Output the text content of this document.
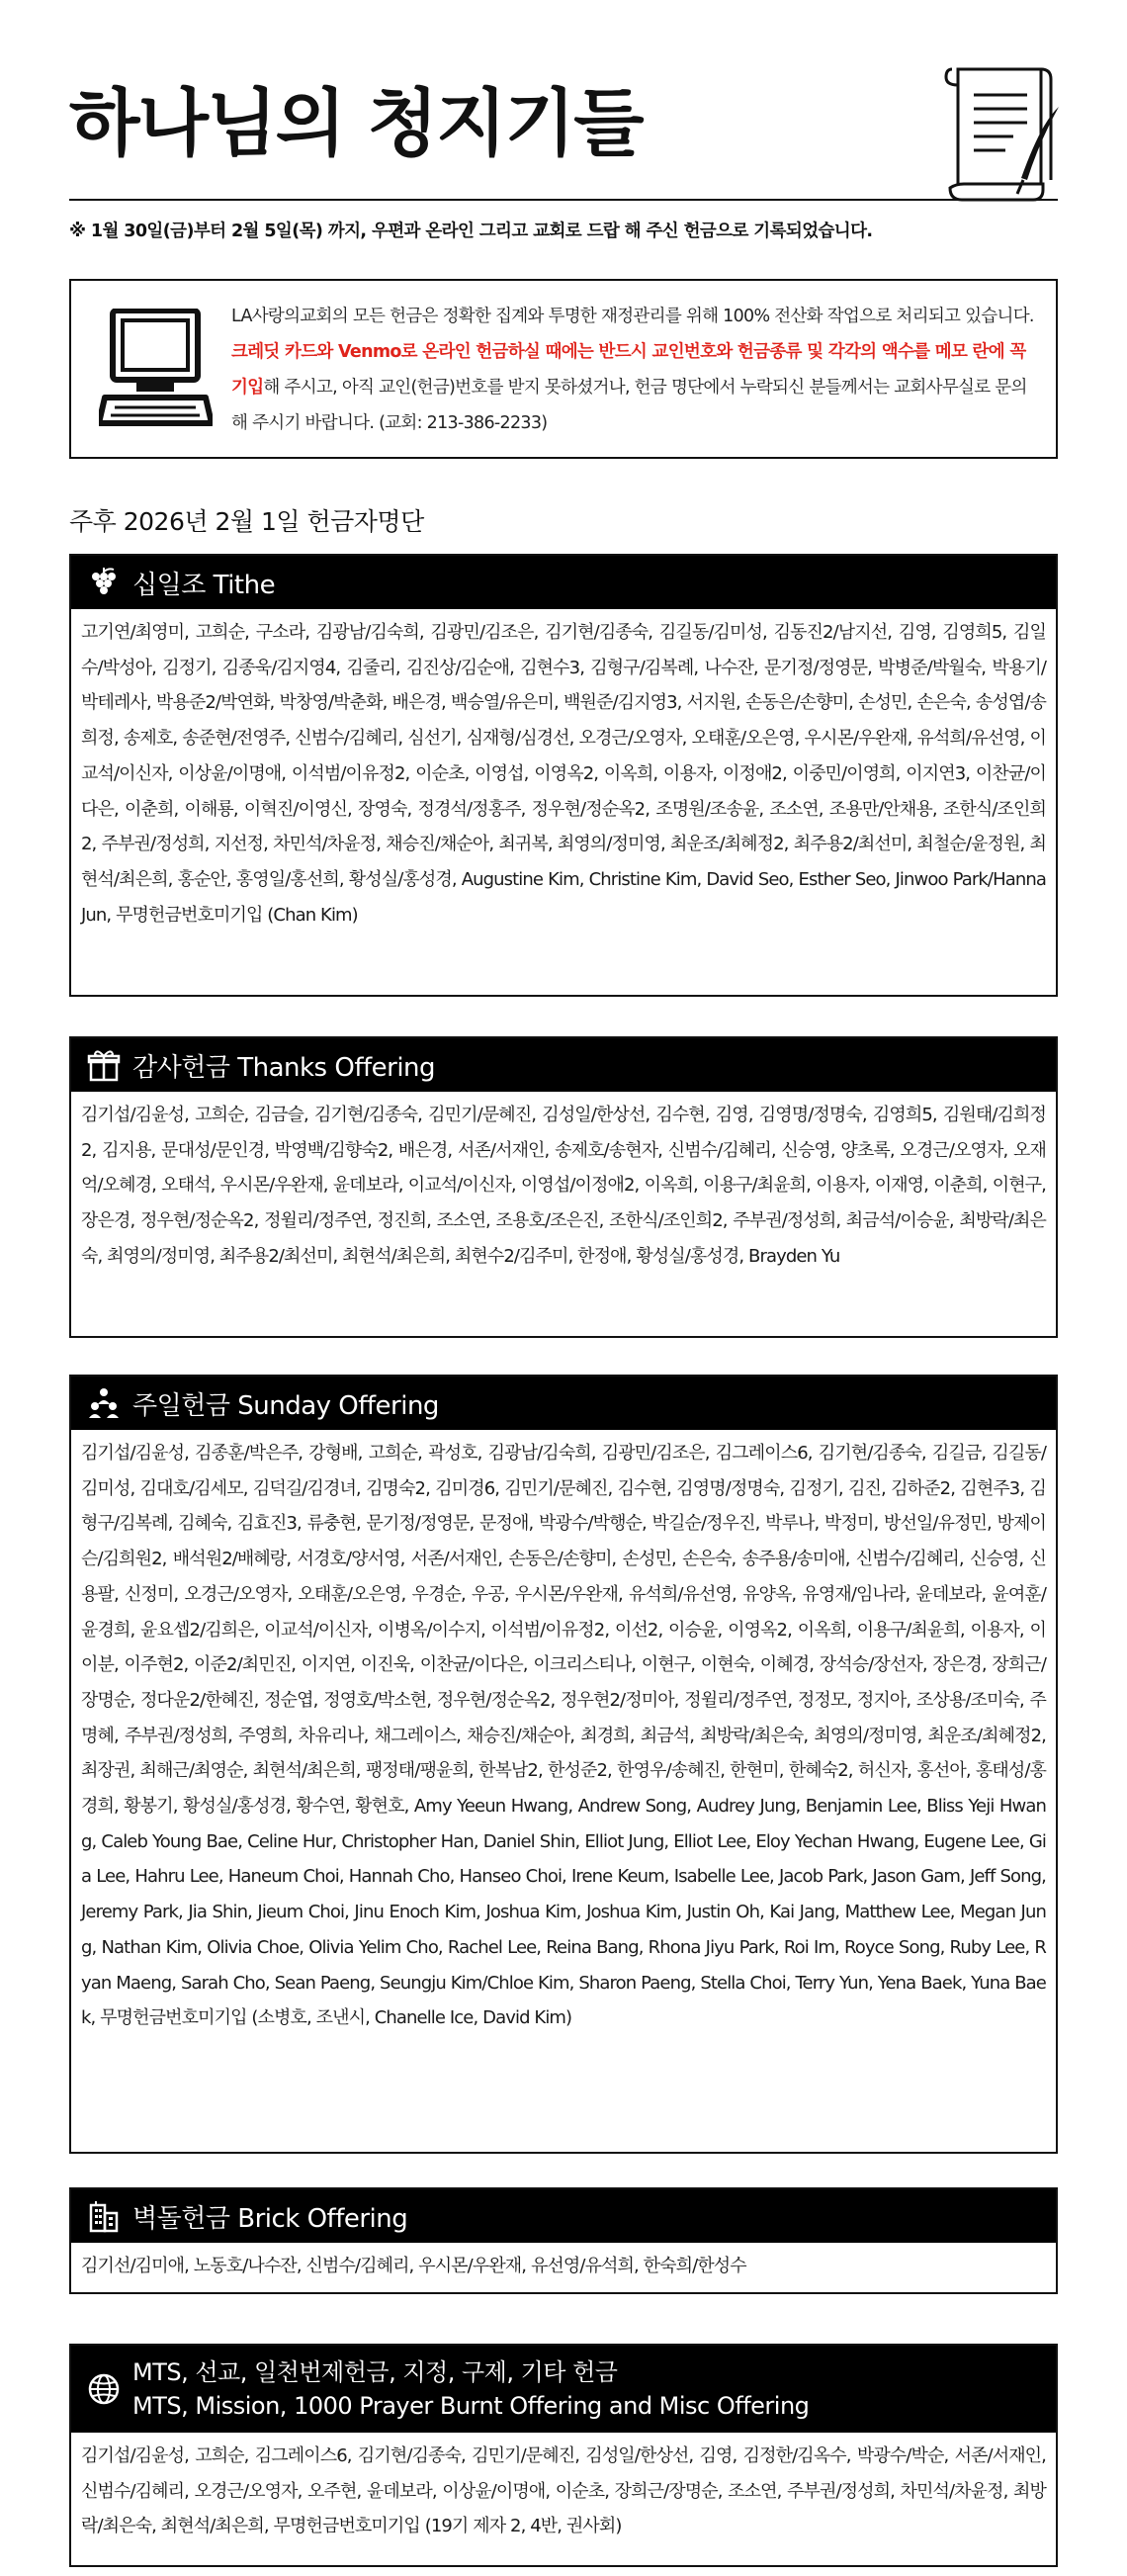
하나님의 청지기들
※ 1월 30일(금)부터 2월 5일(목) 까지, 우편과 온라인 그리고 교회로 드랍 해 주신 헌금으로 기록되었습니다.
LA사랑의교회의 모든 헌금은 정확한 집계와 투명한 재정관리를 위해 100% 전산화 작업으로 처리되고 있습니다. 크레딧 카드와 Venmo로 온라인 헌금하실 때에는 반드시 교인번호와 헌금종류 및 각각의 액수를 메모 란에 꼭 기입해 주시고, 아직 교인(헌금)번호를 받지 못하셨거나, 헌금 명단에서 누락되신 분들께서는 교회사무실로 문의해 주시기 바랍니다. (교회: 213-386-2233)
주후 2026년 2월 1일 헌금자명단
십일조 Tithe
고기연/최영미, 고희순, 구소라, 김광남/김숙희, 김광민/김조은, 김기현/김종숙, 김길동/김미성, 김동진2/남지선, 김영, 김영희5, 김일수/박성아, 김정기, 김종욱/김지영4, 김줄리, 김진상/김순애, 김현수3, 김형구/김복례, 나수잔, 문기정/정영문, 박병준/박월숙, 박용기/박테레사, 박용준2/박연화, 박창영/박춘화, 배은경, 백승열/유은미, 백원준/김지영3, 서지원, 손동은/손향미, 손성민, 손은숙, 송성엽/송희정, 송제호, 송준현/전영주, 신범수/김혜리, 심선기, 심재형/심경선, 오경근/오영자, 오태훈/오은영, 우시몬/우완재, 유석희/유선영, 이교석/이신자, 이상윤/이명애, 이석범/이유정2, 이순초, 이영섭, 이영옥2, 이옥희, 이용자, 이정애2, 이중민/이영희, 이지연3, 이찬균/이다은, 이춘희, 이해룡, 이혁진/이영신, 장영숙, 정경석/정홍주, 정우현/정순옥2, 조명원/조송윤, 조소연, 조용만/안채용, 조한식/조인희2, 주부권/정성희, 지선정, 차민석/차윤정, 채승진/채순아, 최귀복, 최영의/정미영, 최운조/최혜정2, 최주용2/최선미, 최철순/윤정원, 최현석/최은희, 홍순안, 홍영일/홍선희, 황성실/홍성경, Augustine Kim, Christine Kim, David Seo, Esther Seo, Jinwoo Park/Hanna Jun, 무명헌금번호미기입 (Chan Kim)
감사헌금 Thanks Offering
김기섭/김윤성, 고희순, 김금슬, 김기현/김종숙, 김민기/문혜진, 김성일/한상선, 김수현, 김영, 김영명/정명숙, 김영희5, 김원태/김희정2, 김지용, 문대성/문인경, 박영백/김향숙2, 배은경, 서존/서재인, 송제호/송현자, 신범수/김혜리, 신승영, 양초록, 오경근/오영자, 오재억/오혜경, 오태석, 우시몬/우완재, 윤데보라, 이교석/이신자, 이영섭/이정애2, 이옥희, 이용구/최윤희, 이용자, 이재영, 이춘희, 이현구, 장은경, 정우현/정순옥2, 정윌리/정주연, 정진희, 조소연, 조용호/조은진, 조한식/조인희2, 주부권/정성희, 최금석/이승윤, 최방락/최은숙, 최영의/정미영, 최주용2/최선미, 최현석/최은희, 최현수2/김주미, 한정애, 황성실/홍성경, Brayden Yu
주일헌금 Sunday Offering
김기섭/김윤성, 김종훈/박은주, 강형배, 고희순, 곽성호, 김광남/김숙희, 김광민/김조은, 김그레이스6, 김기현/김종숙, 김길금, 김길동/김미성, 김대호/김세모, 김덕길/김경녀, 김명숙2, 김미경6, 김민기/문혜진, 김수현, 김영명/정명숙, 김정기, 김진, 김하준2, 김현주3, 김형구/김복례, 김혜숙, 김효진3, 류충현, 문기정/정영문, 문정애, 박광수/박행순, 박길순/정우진, 박루나, 박정미, 방선일/유정민, 방제이슨/김희원2, 배석원2/배혜랑, 서경호/양서영, 서존/서재인, 손동은/손향미, 손성민, 손은숙, 송주용/송미애, 신범수/김혜리, 신승영, 신용팔, 신정미, 오경근/오영자, 오태훈/오은영, 우경순, 우공, 우시몬/우완재, 유석희/유선영, 유양옥, 유영재/임나라, 윤데보라, 윤여훈/윤경희, 윤요셉2/김희은, 이교석/이신자, 이병옥/이수지, 이석범/이유정2, 이선2, 이승윤, 이영옥2, 이옥희, 이용구/최윤희, 이용자, 이이분, 이주현2, 이준2/최민진, 이지연, 이진욱, 이찬균/이다은, 이크리스티나, 이현구, 이현숙, 이혜경, 장석승/장선자, 장은경, 장희근/장명순, 정다운2/한혜진, 정순엽, 정영호/박소현, 정우현/정순옥2, 정우현2/정미아, 정윌리/정주연, 정정모, 정지아, 조상용/조미숙, 주명혜, 주부권/정성희, 주영희, 차유리나, 채그레이스, 채승진/채순아, 최경희, 최금석, 최방락/최은숙, 최영의/정미영, 최운조/최혜정2, 최장권, 최해근/최영순, 최현석/최은희, 팽정태/팽윤희, 한복남2, 한성준2, 한영우/송혜진, 한현미, 한혜숙2, 허신자, 홍선아, 홍태성/홍경희, 황봉기, 황성실/홍성경, 황수연, 황현호, Amy Yeeun Hwang, Andrew Song, Audrey Jung, Benjamin Lee, Bliss Yeji Hwang, Caleb Young Bae, Celine Hur, Christopher Han, Daniel Shin, Elliot Jung, Elliot Lee, Eloy Yechan Hwang, Eugene Lee, Gia Lee, Hahru Lee, Haneum Choi, Hannah Cho, Hanseo Choi, Irene Keum, Isabelle Lee, Jacob Park, Jason Gam, Jeff Song, Jeremy Park, Jia Shin, Jieum Choi, Jinu Enoch Kim, Joshua Kim, Joshua Kim, Justin Oh, Kai Jang, Matthew Lee, Megan Jung, Nathan Kim, Olivia Choe, Olivia Yelim Cho, Rachel Lee, Reina Bang, Rhona Jiyu Park, Roi Im, Royce Song, Ruby Lee, Ryan Maeng, Sarah Cho, Sean Paeng, Seungju Kim/Chloe Kim, Sharon Paeng, Stella Choi, Terry Yun, Yena Baek, Yuna Baek, 무명헌금번호미기입 (소병호, 조낸시, Chanelle Ice, David Kim)
벽돌헌금 Brick Offering
김기선/김미애, 노동호/나수잔, 신범수/김혜리, 우시몬/우완재, 유선영/유석희, 한숙희/한성수
MTS, 선교, 일천번제헌금, 지정, 구제, 기타 헌금
MTS, Mission, 1000 Prayer Burnt Offering and Misc Offering
김기섭/김윤성, 고희순, 김그레이스6, 김기현/김종숙, 김민기/문혜진, 김성일/한상선, 김영, 김정한/김옥수, 박광수/박순, 서존/서재인, 신범수/김혜리, 오경근/오영자, 오주현, 윤데보라, 이상윤/이명애, 이순초, 장희근/장명순, 조소연, 주부권/정성희, 차민석/차윤정, 최방락/최은숙, 최현석/최은희, 무명헌금번호미기입 (19기 제자 2, 4반, 권사회)
